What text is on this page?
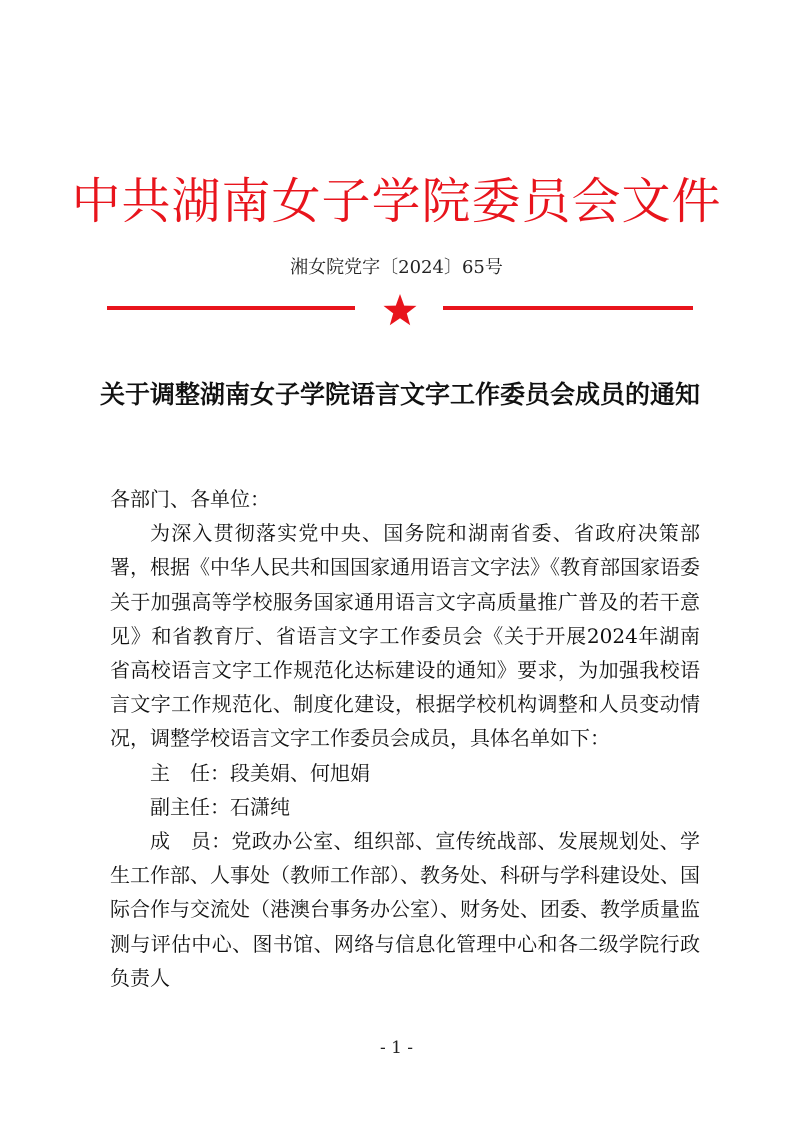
中共湖南女子学院委员会文件
湘女院党字〔2024〕65号
关于调整湖南女子学院语言文字工作委员会成员的通知

各部门、各单位：

为深入贯彻落实党中央、国务院和湖南省委、省政府决策部署，根据《中华人民共和国国家通用语言文字法》《教育部国家语委关于加强高等学校服务国家通用语言文字高质量推广普及的若干意见》和省教育厅、省语言文字工作委员会《关于开展2024年湖南省高校语言文字工作规范化达标建设的通知》要求，为加强我校语言文字工作规范化、制度化建设，根据学校机构调整和人员变动情况，调整学校语言文字工作委员会成员，具体名单如下：

主　任：段美娟、何旭娟

副主任：石潇纯

成　员：党政办公室、组织部、宣传统战部、发展规划处、学生工作部、人事处（教师工作部）、教务处、科研与学科建设处、国际合作与交流处（港澳台事务办公室）、财务处、团委、教学质量监测与评估中心、图书馆、网络与信息化管理中心和各二级学院行政负责人

- 1 -
